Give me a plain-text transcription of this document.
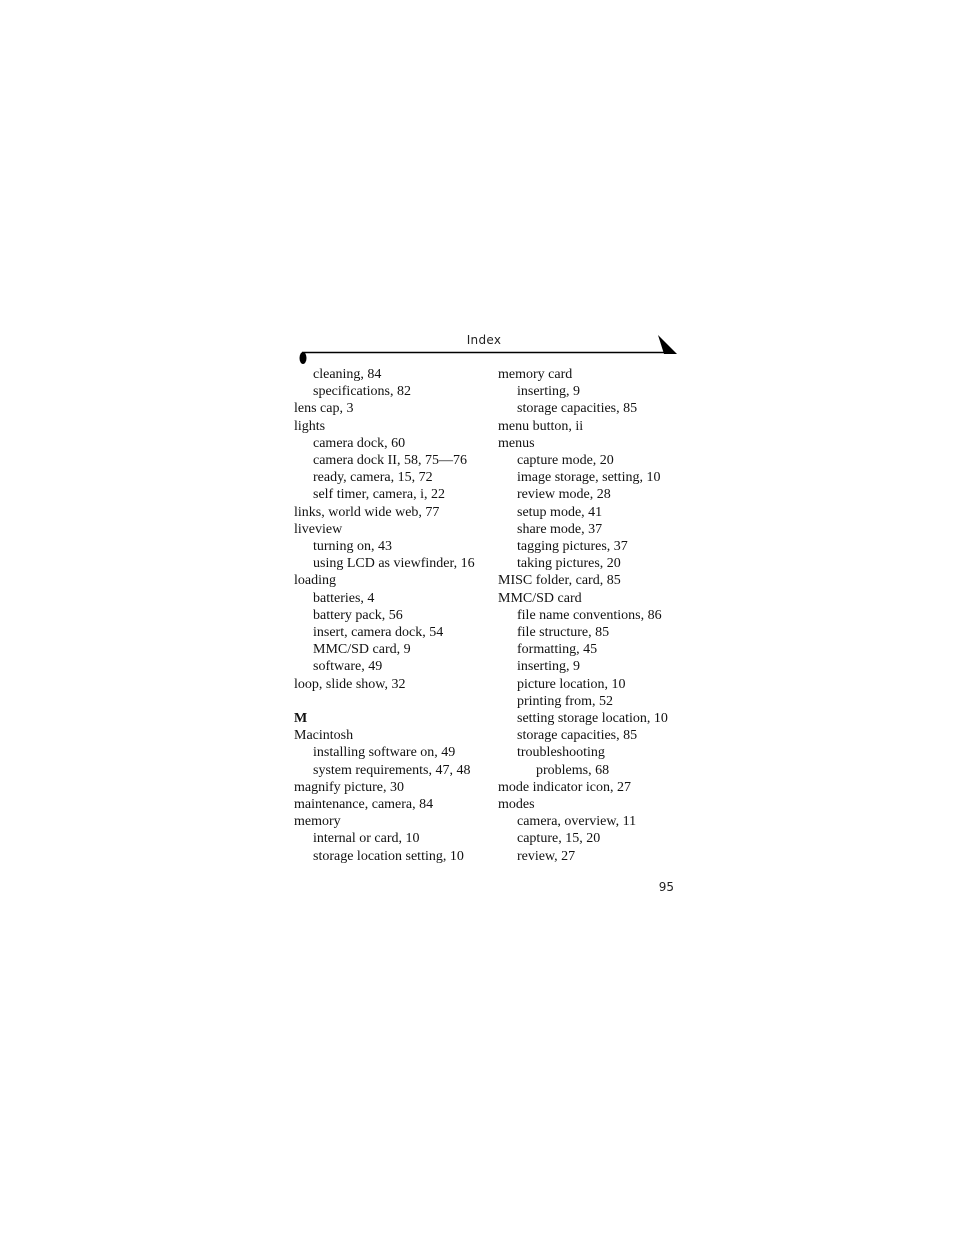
Index
cleaning, 84
specifications, 82
lens cap, 3
lights
camera dock, 60
camera dock II, 58, 75—76
ready, camera, 15, 72
self timer, camera, i, 22
links, world wide web, 77
liveview
turning on, 43
using LCD as viewfinder, 16
loading
batteries, 4
battery pack, 56
insert, camera dock, 54
MMC/SD card, 9
software, 49
loop, slide show, 32
M
Macintosh
installing software on, 49
system requirements, 47, 48
magnify picture, 30
maintenance, camera, 84
memory
internal or card, 10
storage location setting, 10
memory card
inserting, 9
storage capacities, 85
menu button, ii
menus
capture mode, 20
image storage, setting, 10
review mode, 28
setup mode, 41
share mode, 37
tagging pictures, 37
taking pictures, 20
MISC folder, card, 85
MMC/SD card
file name conventions, 86
file structure, 85
formatting, 45
inserting, 9
picture location, 10
printing from, 52
setting storage location, 10
storage capacities, 85
troubleshooting
problems, 68
mode indicator icon, 27
modes
camera, overview, 11
capture, 15, 20
review, 27
95
